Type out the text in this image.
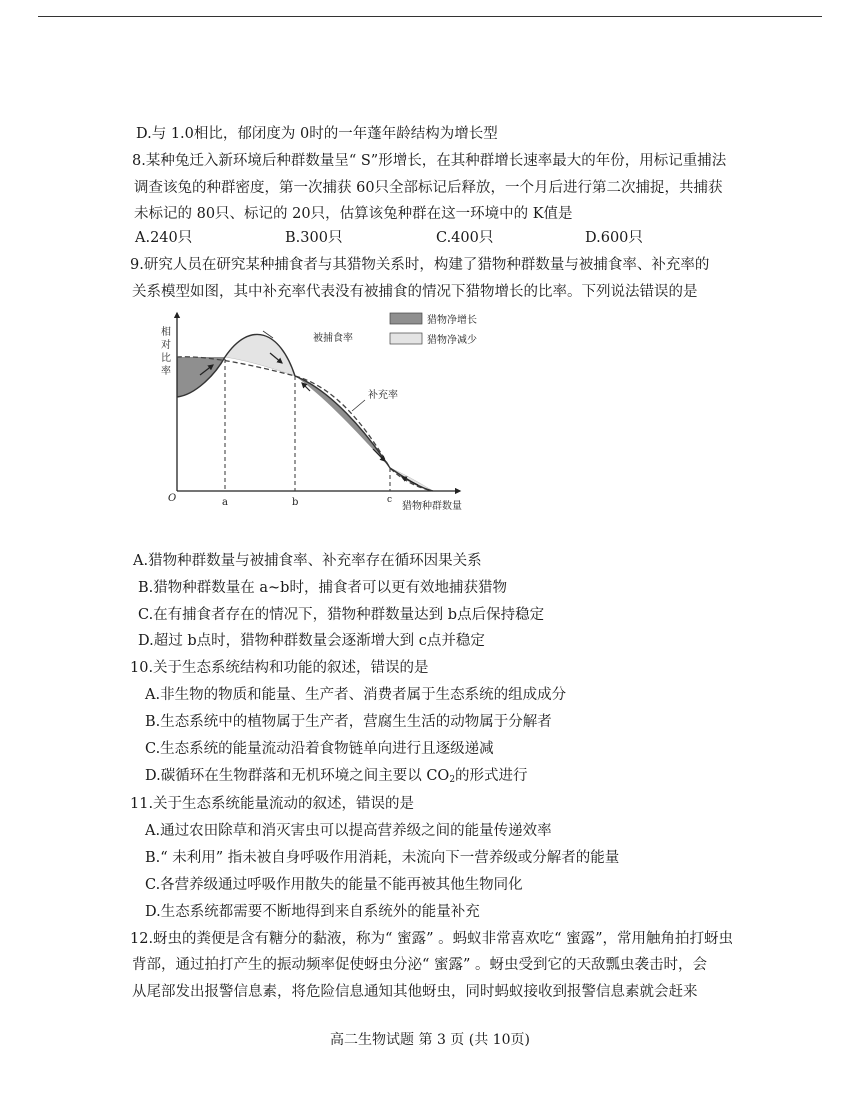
D.与 1.0相比，郁闭度为 0时的一年蓬年龄结构为增长型
8.某种兔迁入新环境后种群数量呈“ S”形增长，在其种群增长速率最大的年份，用标记重捕法
调查该兔的种群密度，第一次捕获 60只全部标记后释放，一个月后进行第二次捕捉，共捕获
未标记的 80只、标记的 20只，估算该兔种群在这一环境中的 K值是
A.240只	B.300只	C.400只	D.600只
9.研究人员在研究某种捕食者与其猎物关系时，构建了猎物种群数量与被捕食率、补充率的
关系模型如图，其中补充率代表没有被捕食的情况下猎物增长的比率。下列说法错误的是
猎物净增长
猎物净减少
相
对
比
率
O	a	b	c
猎物种群数量
被捕食率
补充率
A.猎物种群数量与被捕食率、补充率存在循环因果关系
B.猎物种群数量在 a~b时，捕食者可以更有效地捕获猎物
C.在有捕食者存在的情况下，猎物种群数量达到 b点后保持稳定
D.超过 b点时，猎物种群数量会逐渐增大到 c点并稳定
10.关于生态系统结构和功能的叙述，错误的是
A.非生物的物质和能量、生产者、消费者属于生态系统的组成成分
B.生态系统中的植物属于生产者，营腐生生活的动物属于分解者
C.生态系统的能量流动沿着食物链单向进行且逐级递减
D.碳循环在生物群落和无机环境之间主要以 $CO_2$的形式进行
11.关于生态系统能量流动的叙述，错误的是
A.通过农田除草和消灭害虫可以提高营养级之间的能量传递效率
B.“ 未利用” 指未被自身呼吸作用消耗，未流向下一营养级或分解者的能量
C.各营养级通过呼吸作用散失的能量不能再被其他生物同化
D.生态系统都需要不断地得到来自系统外的能量补充
12.蚜虫的粪便是含有糖分的黏液，称为“ 蜜露” 。蚂蚁非常喜欢吃“ 蜜露”，常用触角拍打蚜虫
背部，通过拍打产生的振动频率促使蚜虫分泌“ 蜜露” 。蚜虫受到它的天敌瓢虫袭击时，会
从尾部发出报警信息素，将危险信息通知其他蚜虫，同时蚂蚁接收到报警信息素就会赶来
高二生物试题 第 3 页 (共 10页)
